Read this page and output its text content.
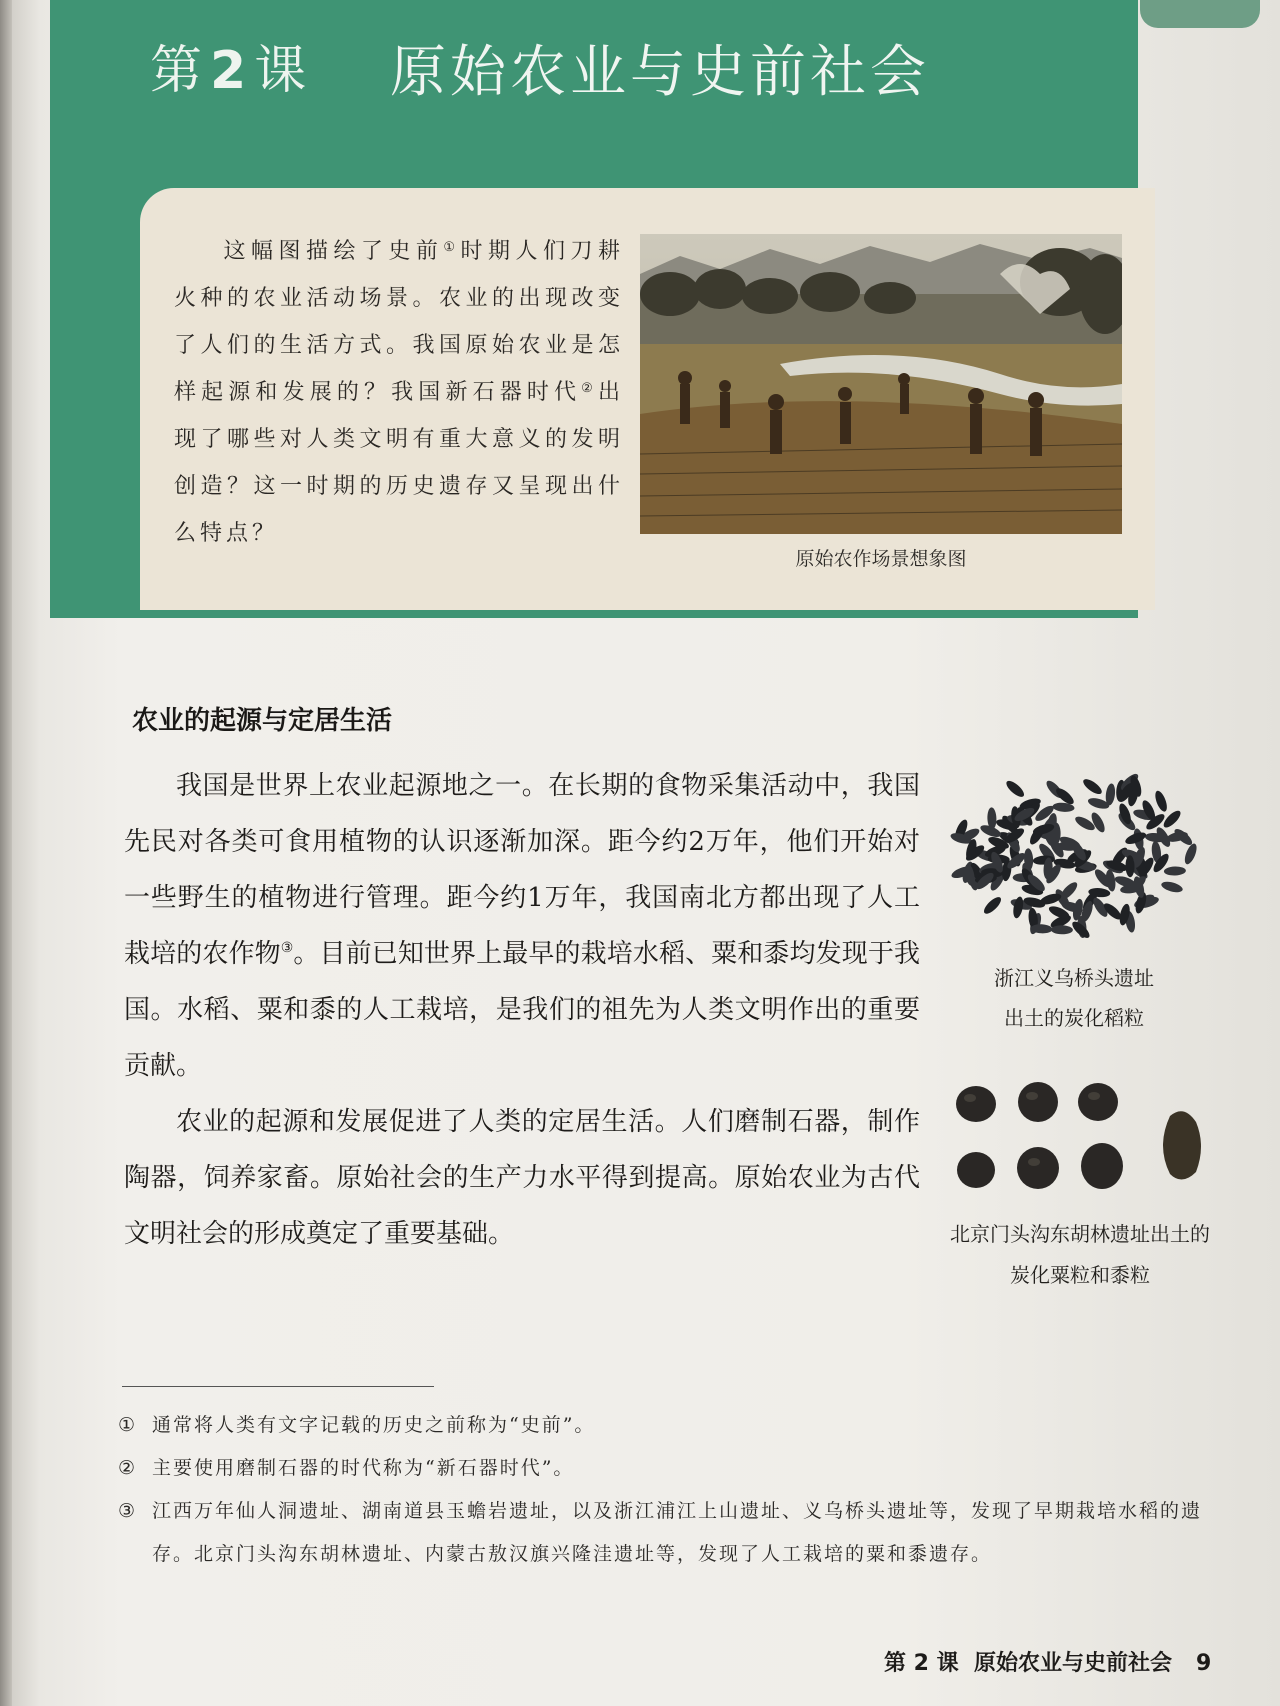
第2课 原始农业与史前社会
这幅图描绘了史前①时期人们刀耕火种的农业活动场景。农业的出现改变了人们的生活方式。我国原始农业是怎样起源和发展的？我国新石器时代②出现了哪些对人类文明有重大意义的发明创造？这一时期的历史遗存又呈现出什么特点？
原始农作场景想象图
农业的起源与定居生活

我国是世界上农业起源地之一。在长期的食物采集活动中，我国先民对各类可食用植物的认识逐渐加深。距今约2万年，他们开始对一些野生的植物进行管理。距今约1万年，我国南北方都出现了人工栽培的农作物③。目前已知世界上最早的栽培水稻、粟和黍均发现于我国。水稻、粟和黍的人工栽培，是我们的祖先为人类文明作出的重要贡献。

农业的起源和发展促进了人类的定居生活。人们磨制石器，制作陶器，饲养家畜。原始社会的生产力水平得到提高。原始农业为古代文明社会的形成奠定了重要基础。

浙江义乌桥头遗址
出土的炭化稻粒
北京门头沟东胡林遗址出土的
炭化粟粒和黍粒

① 通常将人类有文字记载的历史之前称为“史前”。

② 主要使用磨制石器的时代称为“新石器时代”。

③ 江西万年仙人洞遗址、湖南道县玉蟾岩遗址，以及浙江浦江上山遗址、义乌桥头遗址等，发现了早期栽培水稻的遗存。北京门头沟东胡林遗址、内蒙古敖汉旗兴隆洼遗址等，发现了人工栽培的粟和黍遗存。

第 2 课 原始农业与史前社会 9
